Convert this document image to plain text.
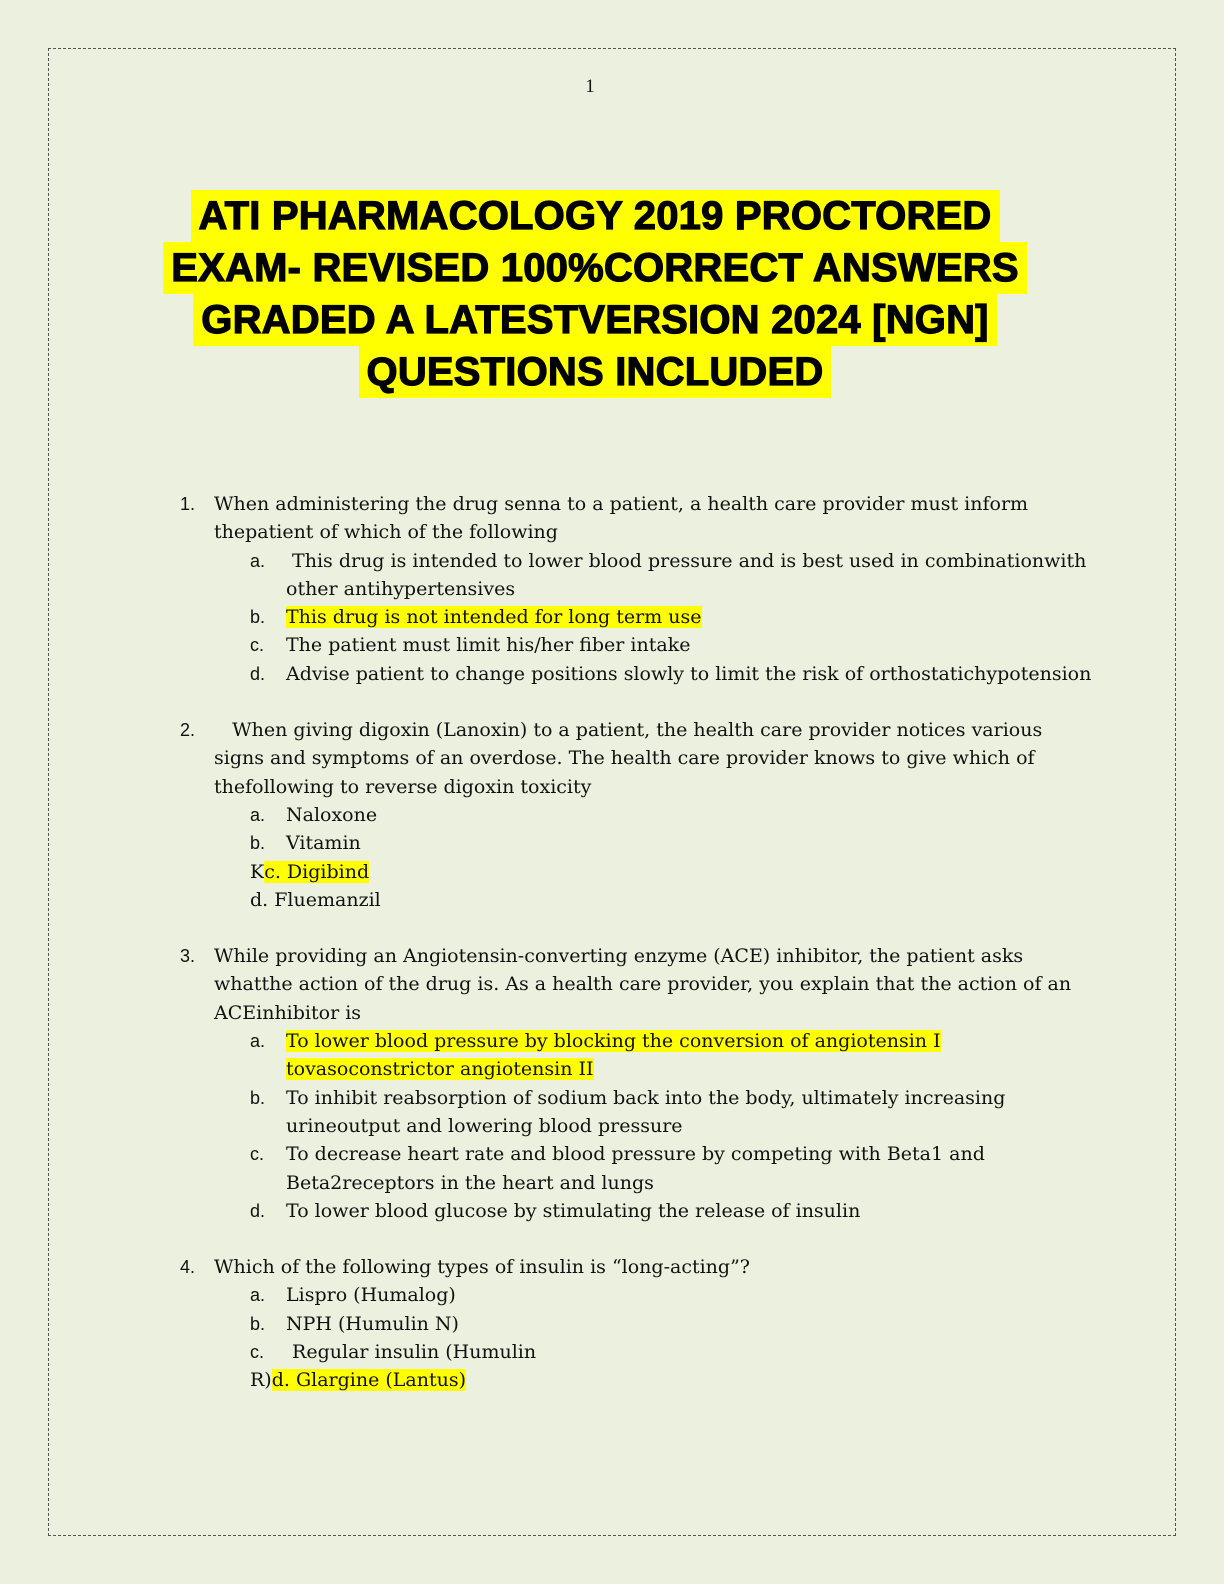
1
ATI PHARMACOLOGY 2019 PROCTORED
EXAM- REVISED 100%CORRECT ANSWERS
GRADED A LATESTVERSION 2024 [NGN]
QUESTIONS INCLUDED
1. When administering the drug senna to a patient, a health care provider must inform thepatient of which of the following
a. This drug is intended to lower blood pressure and is best used in combinationwith other antihypertensives
b. This drug is not intended for long term use
c. The patient must limit his/her fiber intake
d. Advise patient to change positions slowly to limit the risk of orthostatichypotension
2. When giving digoxin (Lanoxin) to a patient, the health care provider notices various signs and symptoms of an overdose. The health care provider knows to give which of thefollowing to reverse digoxin toxicity
a. Naloxone
b. Vitamin
Kc. Digibind
d. Fluemanzil
3. While providing an Angiotensin-converting enzyme (ACE) inhibitor, the patient asks whatthe action of the drug is. As a health care provider, you explain that the action of an ACEinhibitor is
a. To lower blood pressure by blocking the conversion of angiotensin I tovasoconstrictor angiotensin II
b. To inhibit reabsorption of sodium back into the body, ultimately increasing urineoutput and lowering blood pressure
c. To decrease heart rate and blood pressure by competing with Beta1 and Beta2receptors in the heart and lungs
d. To lower blood glucose by stimulating the release of insulin
4. Which of the following types of insulin is “long-acting”?
a. Lispro (Humalog)
b. NPH (Humulin N)
c. Regular insulin (Humulin
R)d. Glargine (Lantus)
